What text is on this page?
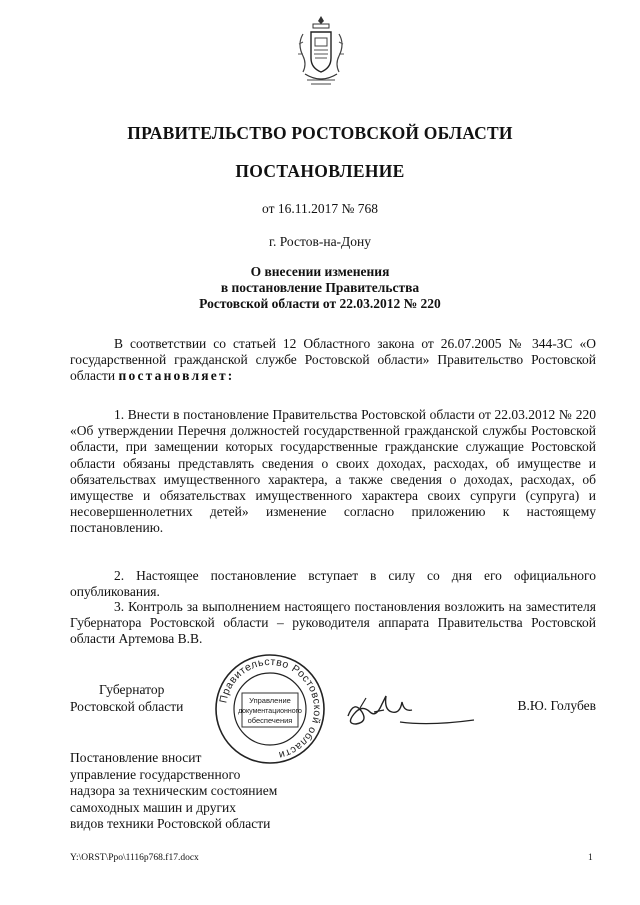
ПРАВИТЕЛЬСТВО РОСТОВСКОЙ ОБЛАСТИ
ПОСТАНОВЛЕНИЕ
от 16.11.2017 № 768
г. Ростов-на-Дону
О внесении изменения
в постановление Правительства
Ростовской области от 22.03.2012 № 220
В соответствии со статьей 12 Областного закона от 26.07.2005 № 344-ЗС «О государственной гражданской службе Ростовской области» Правительство Ростовской области постановляет:
1. Внести в постановление Правительства Ростовской области от 22.03.2012 № 220 «Об утверждении Перечня должностей государственной гражданской службы Ростовской области, при замещении которых государственные гражданские служащие Ростовской области обязаны представлять сведения о своих доходах, расходах, об имуществе и обязательствах имущественного характера, а также сведения о доходах, расходах, об имуществе и обязательствах имущественного характера своих супруги (супруга) и несовершеннолетних детей» изменение согласно приложению к настоящему постановлению.
2. Настоящее постановление вступает в силу со дня его официального опубликования.
3. Контроль за выполнением настоящего постановления возложить на заместителя Губернатора Ростовской области – руководителя аппарата Правительства Ростовской области Артемова В.В.
Губернатор
Ростовской области	Правительство Ростовской области
Управление
документационного
обеспечения
В.Ю. Голубев
Постановление вносит
управление государственного
надзора за техническим состоянием
самоходных машин и других
видов техники Ростовской области
Y:\ORST\Ppo\1116p768.f17.docx	1
